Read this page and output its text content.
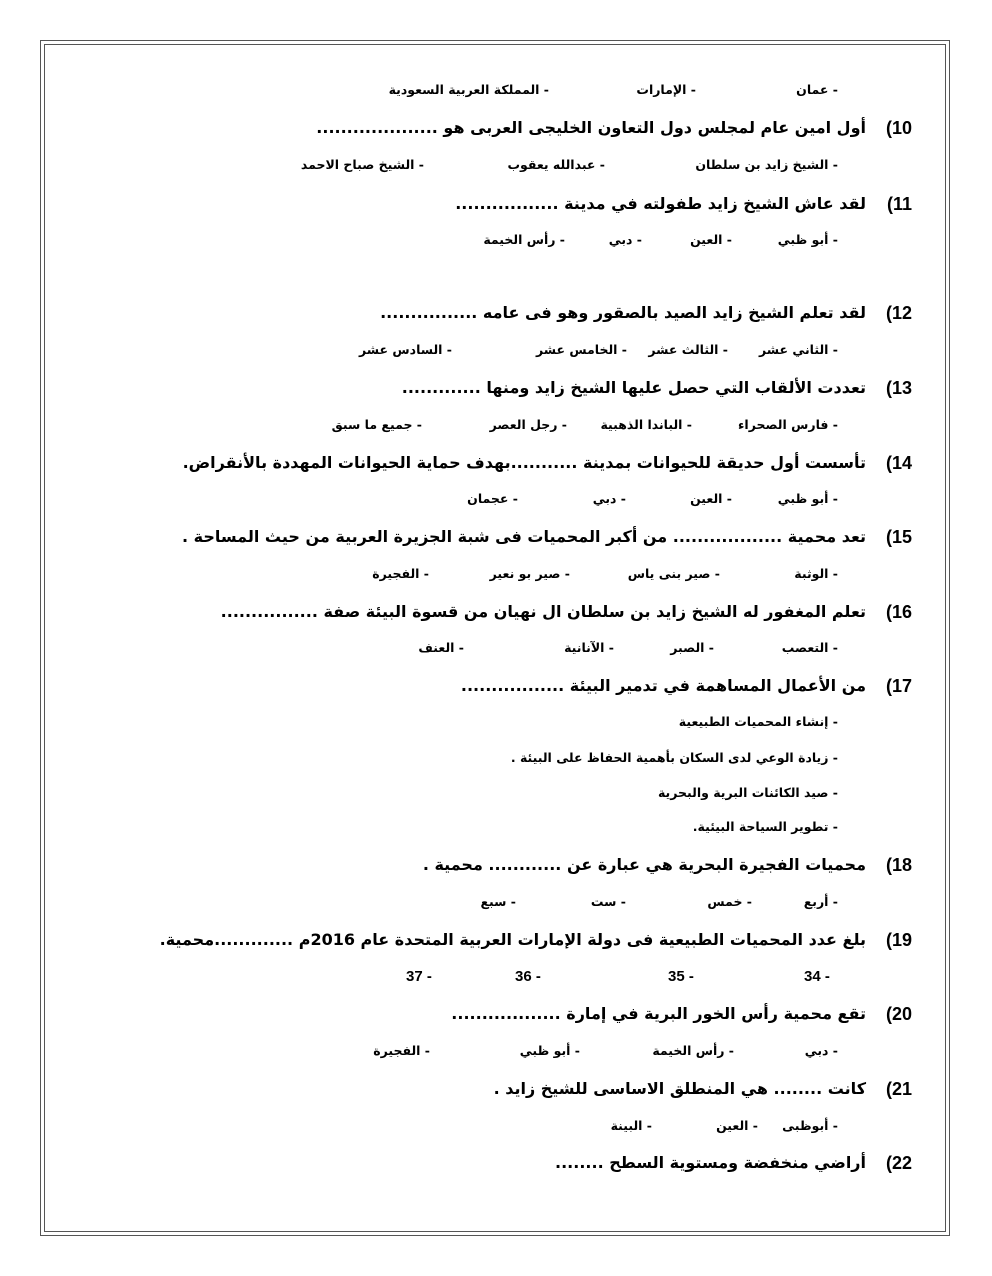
- عمان
- الإمارات
- المملكة العربية السعودية
10)
أول امين عام لمجلس دول التعاون الخليجى العربى هو ....................
- الشيخ زايد بن سلطان
- عبدالله يعقوب
- الشيخ صباح الاحمد
11)
لقد عاش الشيخ زايد طفولته في مدينة .................
- أبو ظبي
- العين
- دبي
- رأس الخيمة
12)
لقد تعلم الشيخ زايد الصيد بالصقور وهو فى عامه ................
- الثاني عشر
- الثالث عشر
- الخامس عشر
- السادس عشر
13)
تعددت الألقاب التي حصل عليها الشيخ زايد ومنها .............
- فارس الصحراء
- الباندا الذهبية
- رجل العصر
- جميع ما سبق
14)
تأسست أول حديقة للحيوانات بمدينة ...........بهدف حماية الحيوانات المهددة بالأنقراض.
- أبو ظبي
- العين
- دبي
- عجمان
15)
تعد محمية .................. من أكبر المحميات فى شبة الجزيرة العربية من حيث المساحة .
- الوثبة
- صير بنى ياس
- صير بو نعير
- الفجيرة
16)
تعلم المغفور له الشيخ زايد بن سلطان ال نهيان من قسوة البيئة صفة ................
- التعصب
- الصبر
- الآنانية
- العنف
17)
من الأعمال المساهمة في تدمير البيئة .................
- إنشاء المحميات الطبيعية
- زيادة الوعي لدى السكان بأهمية الحفاظ على البيئة .
- صيد الكائنات البرية والبحرية
- تطوير السياحة البيئية.
18)
محميات الفجيرة البحرية هي عبارة عن ............ محمية .
- أربع
- خمس
- ست
- سبع
19)
بلغ عدد المحميات الطبيعية فى دولة الإمارات العربية المتحدة عام 2016م .............محمية.
34 -
35 -
36 -
37 -
20)
تقع محمية رأس الخور البرية في إمارة ..................
- دبي
- رأس الخيمة
- أبو ظبي
- الفجيرة
21)
كانت ........ هي المنطلق الاساسى للشيخ زايد .
- أبوظبى
- العين
- البينة
22)
أراضي منخفضة ومستوية السطح ........
